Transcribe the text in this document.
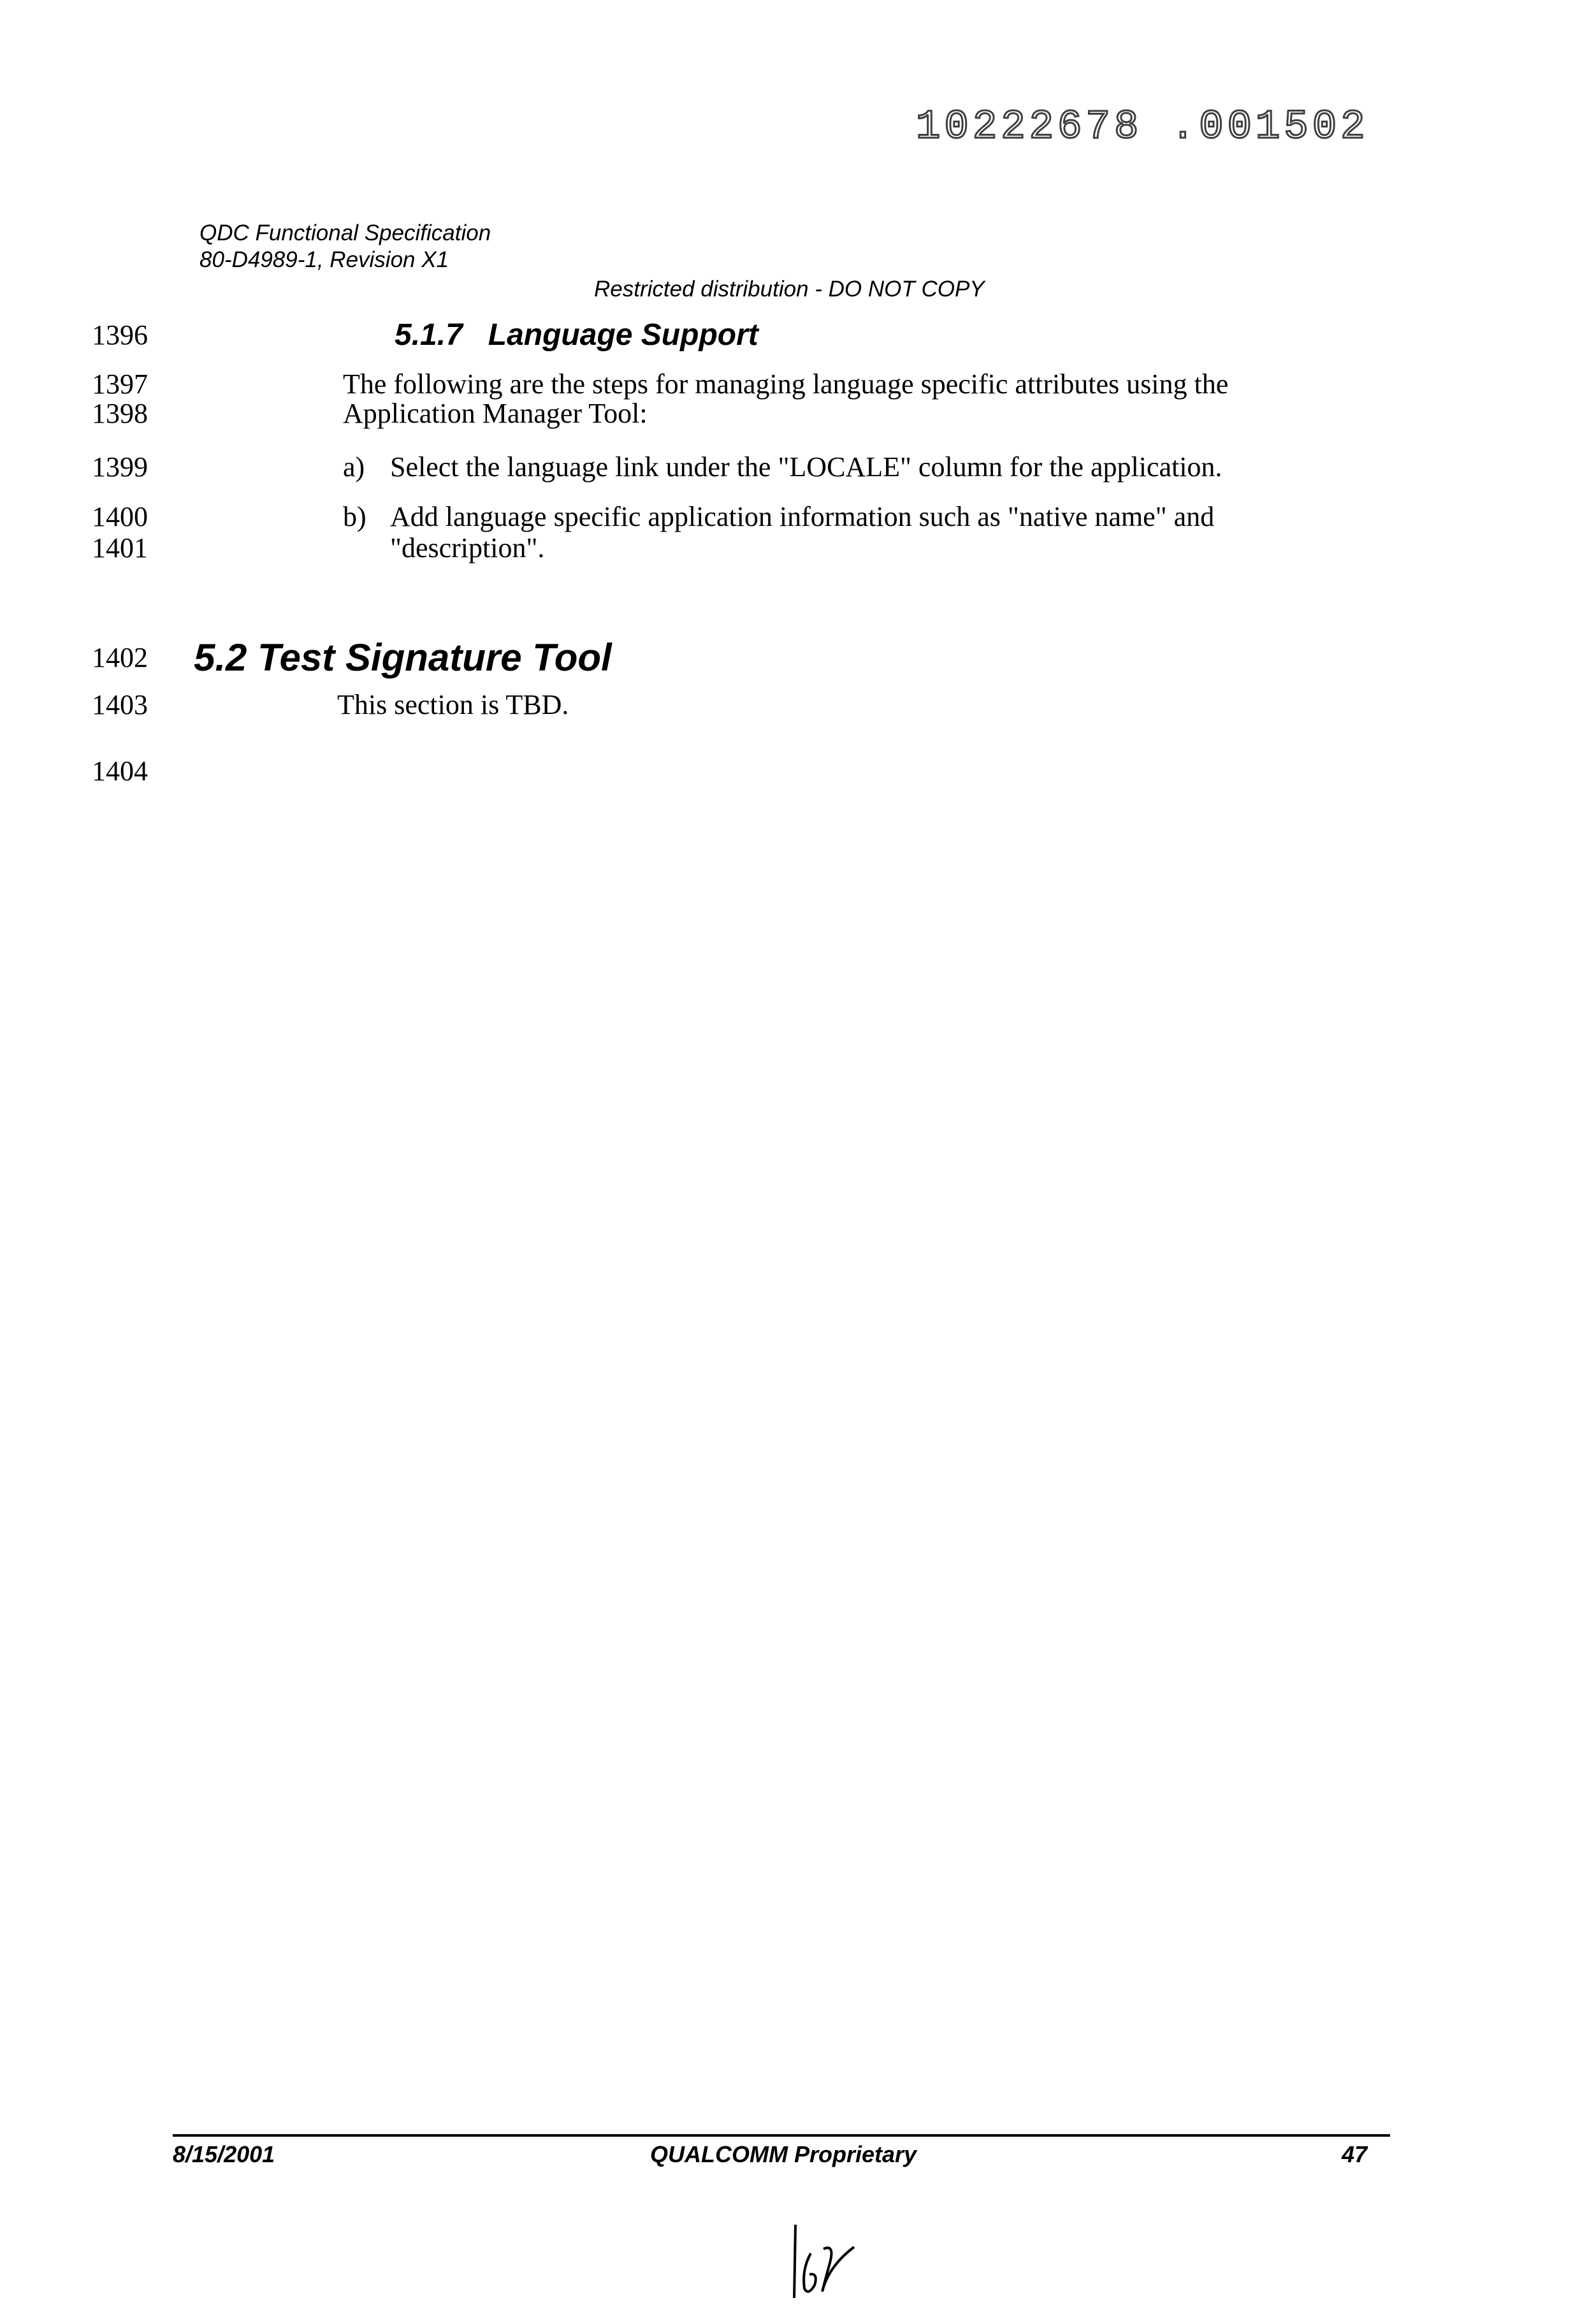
10222678 .001502
QDC Functional Specification
80-D4989-1, Revision X1
Restricted distribution - DO NOT COPY
1396
1397
1398
1399
1400
1401
1402
1403
1404
5.1.7 Language Support
The following are the steps for managing language specific attributes using the
Application Manager Tool:
a) Select the language link under the "LOCALE" column for the application.
b) Add language specific application information such as "native name" and
"description".
5.2 Test Signature Tool
This section is TBD.
8/15/2001	QUALCOMM Proprietary	47
